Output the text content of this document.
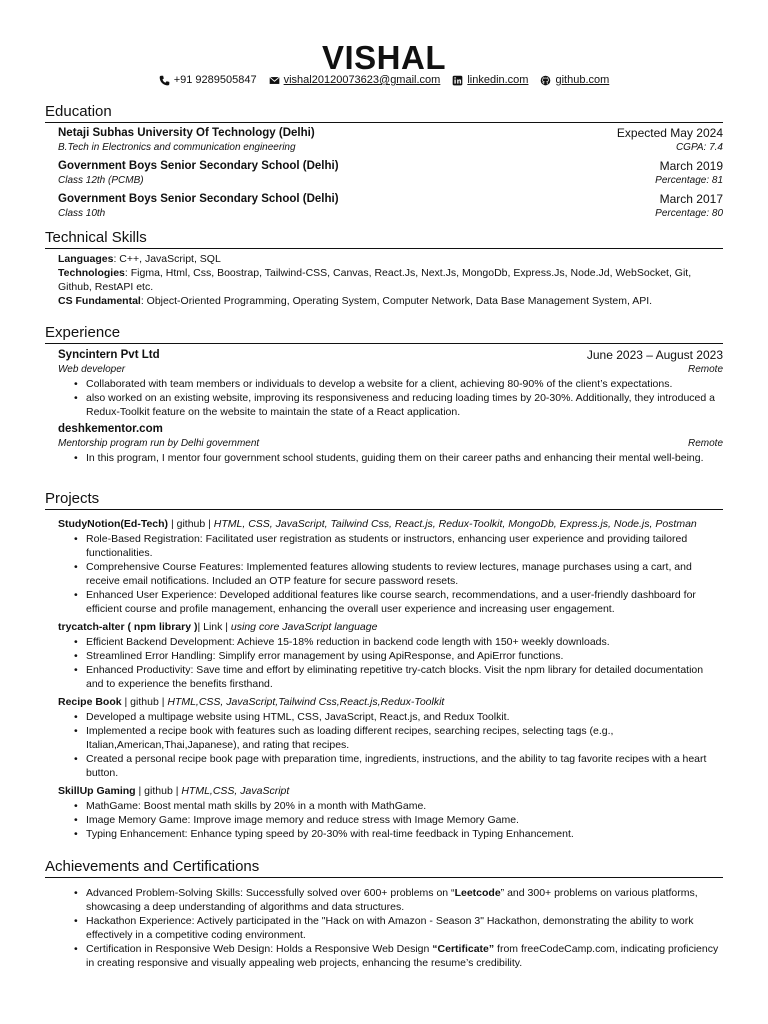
VISHAL
+91 9289505847 vishal20120073623@gmail.com linkedin.com github.com
Education
Netaji Subhas University Of Technology (Delhi)	Expected May 2024
B.Tech in Electronics and communication engineering	CGPA: 7.4
Government Boys Senior Secondary School (Delhi)	March 2019
Class 12th (PCMB)	Percentage: 81
Government Boys Senior Secondary School (Delhi)	March 2017
Class 10th	Percentage: 80
Technical Skills
Languages: C++, JavaScript, SQL
Technologies: Figma, Html, Css, Boostrap, Tailwind-CSS, Canvas, React.Js, Next.Js, MongoDb, Express.Js, Node.Jd, WebSocket, Git, Github, RestAPI etc.
CS Fundamental: Object-Oriented Programming, Operating System, Computer Network, Data Base Management System, API.
Experience
Syncintern Pvt Ltd	June 2023 – August 2023
Web developer	Remote
• Collaborated with team members or individuals to develop a website for a client, achieving 80-90% of the client’s expectations.
• also worked on an existing website, improving its responsiveness and reducing loading times by 20-30%. Additionally, they introduced a Redux-Toolkit feature on the website to maintain the state of a React application.
deshkementor.com
Mentorship program run by Delhi government	Remote
• In this program, I mentor four government school students, guiding them on their career paths and enhancing their mental well-being.
Projects
StudyNotion(Ed-Tech) | github | HTML, CSS, JavaScript, Tailwind Css, React.js, Redux-Toolkit, MongoDb, Express.js, Node.js, Postman
• Role-Based Registration: Facilitated user registration as students or instructors, enhancing user experience and providing tailored functionalities.
• Comprehensive Course Features: Implemented features allowing students to review lectures, manage purchases using a cart, and receive email notifications. Included an OTP feature for secure password resets.
• Enhanced User Experience: Developed additional features like course search, recommendations, and a user-friendly dashboard for efficient course and profile management, enhancing the overall user experience and increasing user engagement.
trycatch-alter ( npm library )| Link | using core JavaScript language
• Efficient Backend Development: Achieve 15-18% reduction in backend code length with 150+ weekly downloads.
• Streamlined Error Handling: Simplify error management by using ApiResponse, and ApiError functions.
• Enhanced Productivity: Save time and effort by eliminating repetitive try-catch blocks. Visit the npm library for detailed documentation and to experience the benefits firsthand.
Recipe Book | github | HTML,CSS, JavaScript,Tailwind Css,React.js,Redux-Toolkit
• Developed a multipage website using HTML, CSS, JavaScript, React.js, and Redux Toolkit.
• Implemented a recipe book with features such as loading different recipes, searching recipes, selecting tags (e.g., Italian,American,Thai,Japanese), and rating that recipes.
• Created a personal recipe book page with preparation time, ingredients, instructions, and the ability to tag favorite recipes with a heart button.
SkillUp Gaming | github | HTML,CSS, JavaScript
• MathGame: Boost mental math skills by 20% in a month with MathGame.
• Image Memory Game: Improve image memory and reduce stress with Image Memory Game.
• Typing Enhancement: Enhance typing speed by 20-30% with real-time feedback in Typing Enhancement.
Achievements and Certifications
• Advanced Problem-Solving Skills: Successfully solved over 600+ problems on “Leetcode” and 300+ problems on various platforms, showcasing a deep understanding of algorithms and data structures.
• Hackathon Experience: Actively participated in the "Hack on with Amazon - Season 3" Hackathon, demonstrating the ability to work effectively in a competitive coding environment.
• Certification in Responsive Web Design: Holds a Responsive Web Design “Certificate” from freeCodeCamp.com, indicating proficiency in creating responsive and visually appealing web projects, enhancing the resume’s credibility.
